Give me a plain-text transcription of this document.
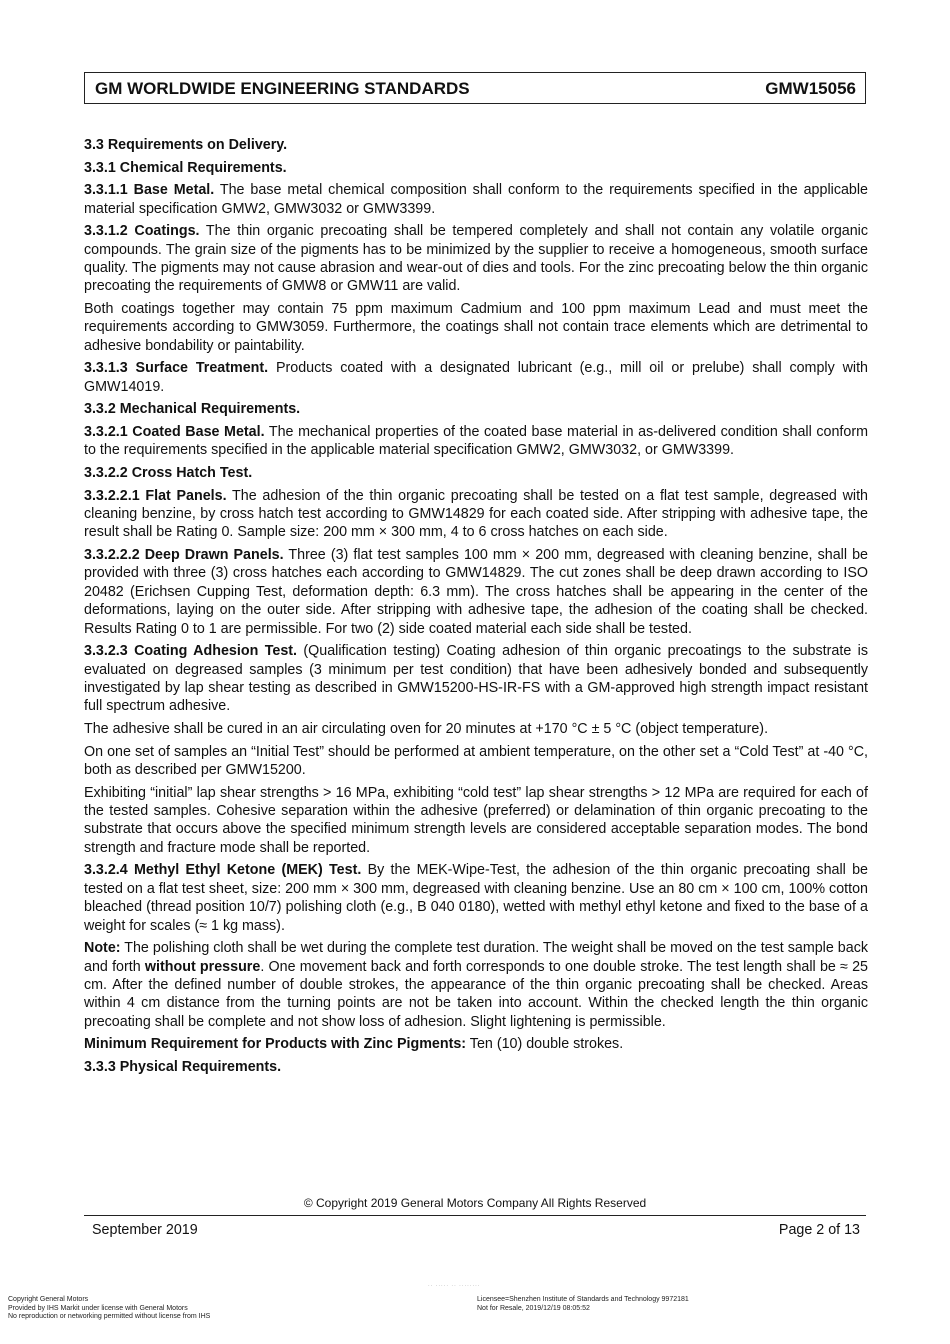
GM WORLDWIDE ENGINEERING STANDARDS	GMW15056

3.3 Requirements on Delivery.

3.3.1 Chemical Requirements.

3.3.1.1 Base Metal. The base metal chemical composition shall conform to the requirements specified in the applicable material specification GMW2, GMW3032 or GMW3399.

3.3.1.2 Coatings. The thin organic precoating shall be tempered completely and shall not contain any volatile organic compounds. The grain size of the pigments has to be minimized by the supplier to receive a homogeneous, smooth surface quality. The pigments may not cause abrasion and wear-out of dies and tools. For the zinc precoating below the thin organic precoating the requirements of GMW8 or GMW11 are valid.

Both coatings together may contain 75 ppm maximum Cadmium and 100 ppm maximum Lead and must meet the requirements according to GMW3059. Furthermore, the coatings shall not contain trace elements which are detrimental to adhesive bondability or paintability.

3.3.1.3 Surface Treatment. Products coated with a designated lubricant (e.g., mill oil or prelube) shall comply with GMW14019.

3.3.2 Mechanical Requirements.

3.3.2.1 Coated Base Metal. The mechanical properties of the coated base material in as-delivered condition shall conform to the requirements specified in the applicable material specification GMW2, GMW3032, or GMW3399.

3.3.2.2 Cross Hatch Test.

3.3.2.2.1 Flat Panels. The adhesion of the thin organic precoating shall be tested on a flat test sample, degreased with cleaning benzine, by cross hatch test according to GMW14829 for each coated side. After stripping with adhesive tape, the result shall be Rating 0. Sample size: 200 mm × 300 mm, 4 to 6 cross hatches on each side.

3.3.2.2.2 Deep Drawn Panels. Three (3) flat test samples 100 mm × 200 mm, degreased with cleaning benzine, shall be provided with three (3) cross hatches each according to GMW14829. The cut zones shall be deep drawn according to ISO 20482 (Erichsen Cupping Test, deformation depth: 6.3 mm). The cross hatches shall be appearing in the center of the deformations, laying on the outer side. After stripping with adhesive tape, the adhesion of the coating shall be checked. Results Rating 0 to 1 are permissible. For two (2) side coated material each side shall be tested.

3.3.2.3 Coating Adhesion Test. (Qualification testing) Coating adhesion of thin organic precoatings to the substrate is evaluated on degreased samples (3 minimum per test condition) that have been adhesively bonded and subsequently investigated by lap shear testing as described in GMW15200-HS-IR-FS with a GM-approved high strength impact resistant full spectrum adhesive.

The adhesive shall be cured in an air circulating oven for 20 minutes at +170 °C ± 5 °C (object temperature).

On one set of samples an “Initial Test” should be performed at ambient temperature, on the other set a “Cold Test” at -40 °C, both as described per GMW15200.

Exhibiting “initial” lap shear strengths > 16 MPa, exhibiting “cold test” lap shear strengths > 12 MPa are required for each of the tested samples. Cohesive separation within the adhesive (preferred) or delamination of thin organic precoating to the substrate that occurs above the specified minimum strength levels are considered acceptable separation modes. The bond strength and fracture mode shall be reported.

3.3.2.4 Methyl Ethyl Ketone (MEK) Test. By the MEK-Wipe-Test, the adhesion of the thin organic precoating shall be tested on a flat test sheet, size: 200 mm × 300 mm, degreased with cleaning benzine. Use an 80 cm × 100 cm, 100% cotton bleached (thread position 10/7) polishing cloth (e.g., B 040 0180), wetted with methyl ethyl ketone and fixed to the base of a weight for scales (≈ 1 kg mass).

Note: The polishing cloth shall be wet during the complete test duration. The weight shall be moved on the test sample back and forth without pressure. One movement back and forth corresponds to one double stroke. The test length shall be ≈ 25 cm. After the defined number of double strokes, the appearance of the thin organic precoating shall be checked. Areas within 4 cm distance from the turning points are not be taken into account. Within the checked length the thin organic precoating shall be complete and not show loss of adhesion. Slight lightening is permissible.

Minimum Requirement for Products with Zinc Pigments: Ten (10) double strokes.

3.3.3 Physical Requirements.

© Copyright 2019 General Motors Company All Rights Reserved
September 2019	Page 2 of 13
·· ····· ·· ········
Copyright General Motors
Provided by IHS Markit under license with General Motors
No reproduction or networking permitted without license from IHS
Licensee=Shenzhen Institute of Standards and Technology 9972181
Not for Resale, 2019/12/19 08:05:52
